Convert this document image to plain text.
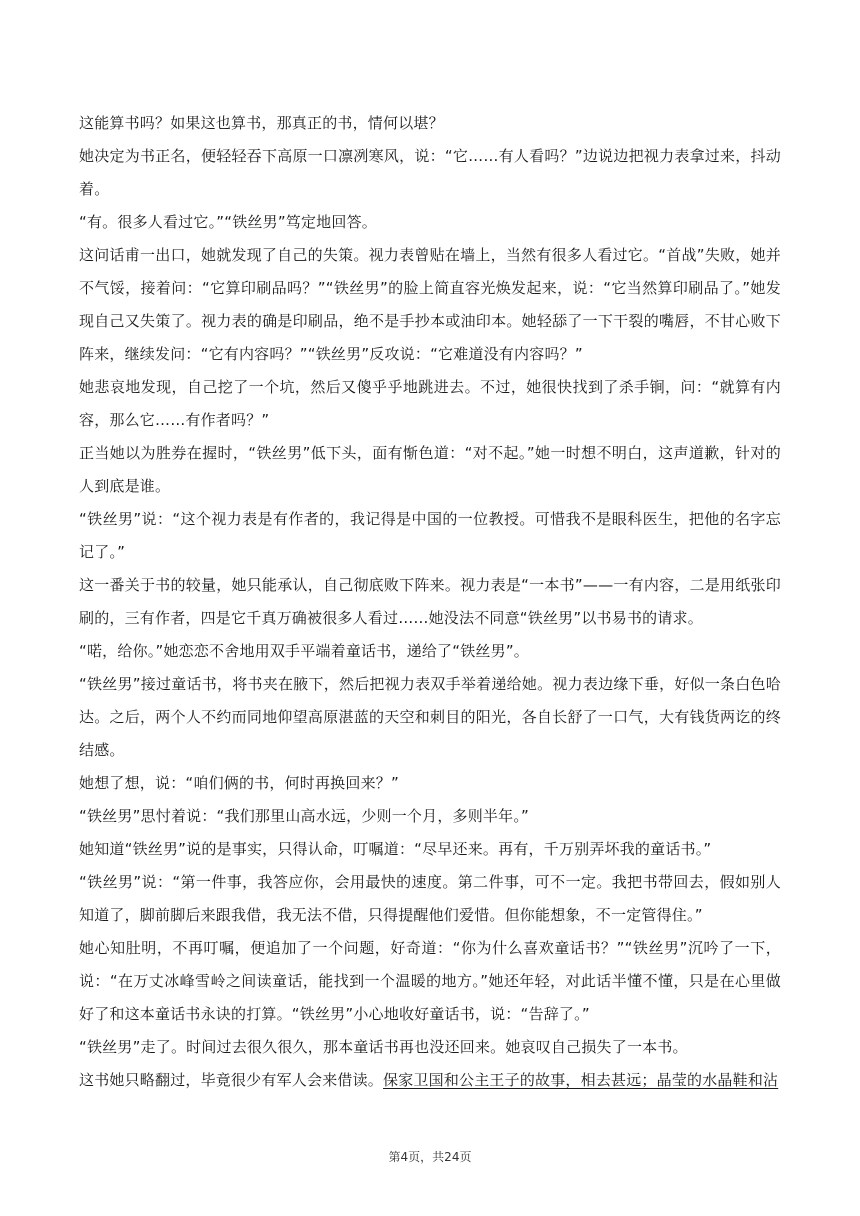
这能算书吗？如果这也算书，那真正的书，情何以堪？

她决定为书正名，便轻轻吞下高原一口凛冽寒风，说：“它……有人看吗？”边说边把视力表拿过来，抖动着。

“有。很多人看过它。”“铁丝男”笃定地回答。

这问话甫一出口，她就发现了自己的失策。视力表曾贴在墙上，当然有很多人看过它。“首战”失败，她并不气馁，接着问：“它算印刷品吗？”“铁丝男”的脸上简直容光焕发起来，说：“它当然算印刷品了。”她发现自己又失策了。视力表的确是印刷品，绝不是手抄本或油印本。她轻舔了一下干裂的嘴唇，不甘心败下阵来，继续发问：“它有内容吗？”“铁丝男”反攻说：“它难道没有内容吗？”

她悲哀地发现，自己挖了一个坑，然后又傻乎乎地跳进去。不过，她很快找到了杀手锏，问：“就算有内容，那么它……有作者吗？”

正当她以为胜券在握时，“铁丝男”低下头，面有惭色道：“对不起。”她一时想不明白，这声道歉，针对的人到底是谁。

“铁丝男”说：“这个视力表是有作者的，我记得是中国的一位教授。可惜我不是眼科医生，把他的名字忘记了。”

这一番关于书的较量，她只能承认，自己彻底败下阵来。视力表是“一本书”——一有内容，二是用纸张印刷的，三有作者，四是它千真万确被很多人看过……她没法不同意“铁丝男”以书易书的请求。

“喏，给你。”她恋恋不舍地用双手平端着童话书，递给了“铁丝男”。

“铁丝男”接过童话书，将书夹在腋下，然后把视力表双手举着递给她。视力表边缘下垂，好似一条白色哈达。之后，两个人不约而同地仰望高原湛蓝的天空和刺目的阳光，各自长舒了一口气，大有钱货两讫的终结感。

她想了想，说：“咱们俩的书，何时再换回来？”

“铁丝男”思忖着说：“我们那里山高水远，少则一个月，多则半年。”

她知道“铁丝男”说的是事实，只得认命，叮嘱道：“尽早还来。再有，千万别弄坏我的童话书。”

“铁丝男”说：“第一件事，我答应你，会用最快的速度。第二件事，可不一定。我把书带回去，假如别人知道了，脚前脚后来跟我借，我无法不借，只得提醒他们爱惜。但你能想象，不一定管得住。”

她心知肚明，不再叮嘱，便追加了一个问题，好奇道：“你为什么喜欢童话书？”“铁丝男”沉吟了一下，说：“在万丈冰峰雪岭之间读童话，能找到一个温暖的地方。”她还年轻，对此话半懂不懂，只是在心里做好了和这本童话书永诀的打算。“铁丝男”小心地收好童话书，说：“告辞了。”

“铁丝男”走了。时间过去很久很久，那本童话书再也没还回来。她哀叹自己损失了一本书。

这书她只略翻过，毕竟很少有军人会来借读。保家卫国和公主王子的故事，相去甚远；晶莹的水晶鞋和沾

第4页，共24页
